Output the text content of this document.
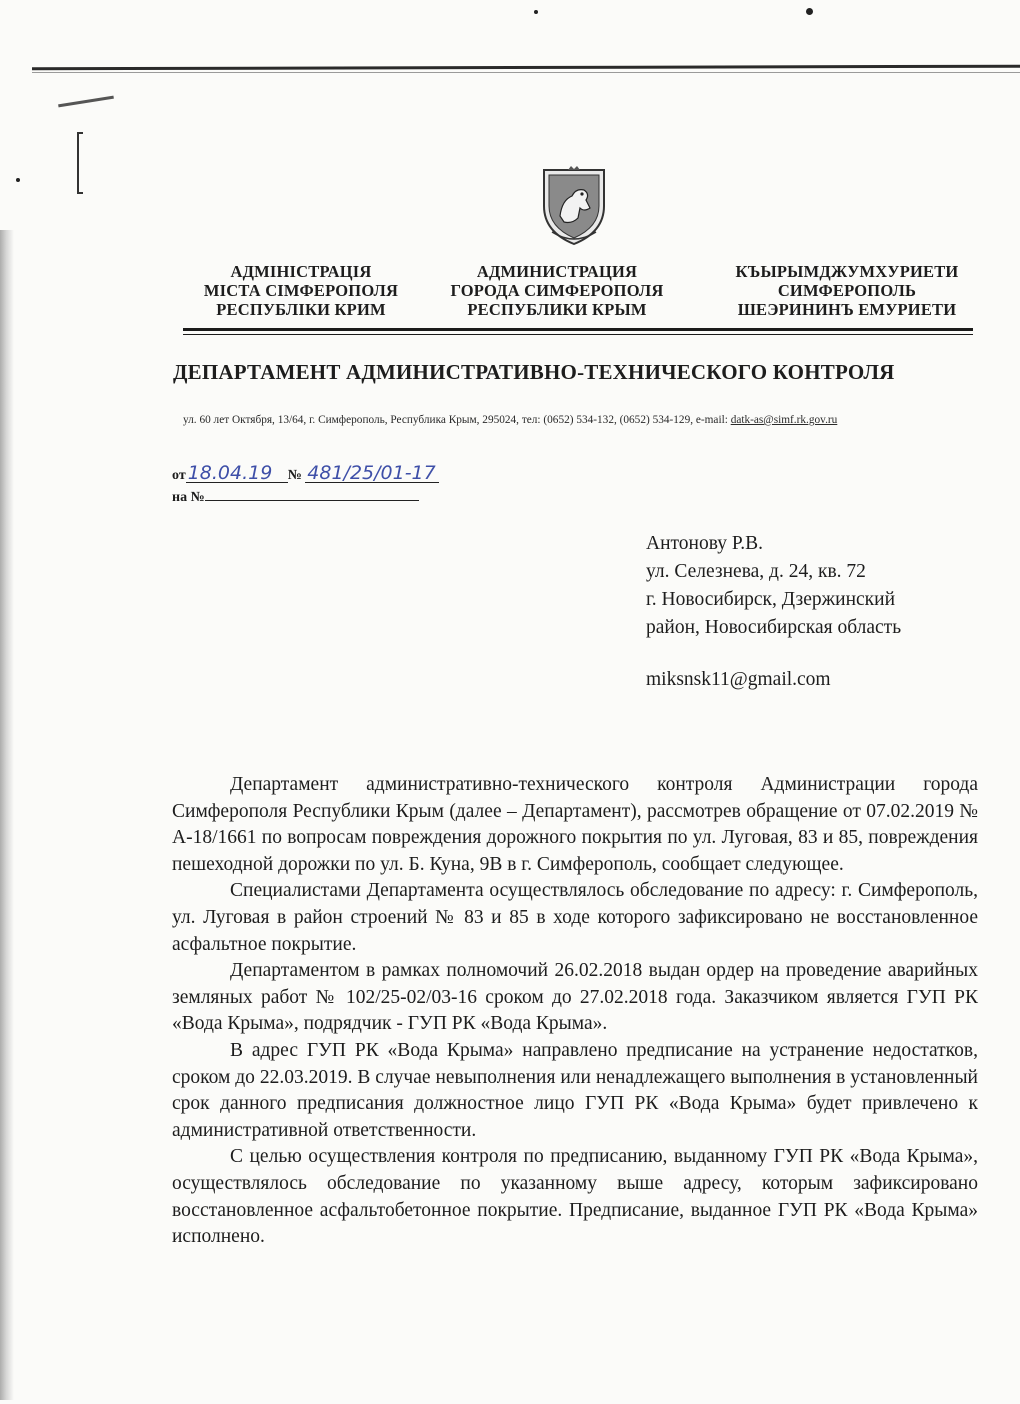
АДМІНІСТРАЦІЯ
МІСТА СІМФЕРОПОЛЯ
РЕСПУБЛІКИ КРИМ
АДМИНИСТРАЦИЯ
ГОРОДА СИМФЕРОПОЛЯ
РЕСПУБЛИКИ КРЫМ
КЪЫРЫМДЖУМХУРИЕТИ
СИМФЕРОПОЛЬ
ШЕЭРИНИНЪ ЕМУРИЕТИ
ДЕПАРТАМЕНТ АДМИНИСТРАТИВНО-ТЕХНИЧЕСКОГО КОНТРОЛЯ
ул. 60 лет Октября, 13/64, г. Симферополь, Республика Крым, 295024, тел: (0652) 534-132, (0652) 534-129, e-mail: datk-as@simf.rk.gov.ru
от 18.04.19 № 481/25/01-17
на №
Антонову Р.В.
ул. Селезнева, д. 24, кв. 72
г. Новосибирск, Дзержинский
район, Новосибирская область
miksnsk11@gmail.com

Департамент административно-технического контроля Администрации города Симферополя Республики Крым (далее – Департамент), рассмотрев обращение от 07.02.2019 № А-18/1661 по вопросам повреждения дорожного покрытия по ул. Луговая, 83 и 85, повреждения пешеходной дорожки по ул. Б. Куна, 9В в г. Симферополь, сообщает следующее.

Специалистами Департамента осуществлялось обследование по адресу: г. Симферополь, ул. Луговая в район строений № 83 и 85 в ходе которого зафиксировано не восстановленное асфальтное покрытие.

Департаментом в рамках полномочий 26.02.2018 выдан ордер на проведение аварийных земляных работ № 102/25-02/03-16 сроком до 27.02.2018 года. Заказчиком является ГУП РК «Вода Крыма», подрядчик - ГУП РК «Вода Крыма».

В адрес ГУП РК «Вода Крыма» направлено предписание на устранение недостатков, сроком до 22.03.2019. В случае невыполнения или ненадлежащего выполнения в установленный срок данного предписания должностное лицо ГУП РК «Вода Крыма» будет привлечено к административной ответственности.

С целью осуществления контроля по предписанию, выданному ГУП РК «Вода Крыма», осуществлялось обследование по указанному выше адресу, которым зафиксировано восстановленное асфальтобетонное покрытие. Предписание, выданное ГУП РК «Вода Крыма» исполнено.
